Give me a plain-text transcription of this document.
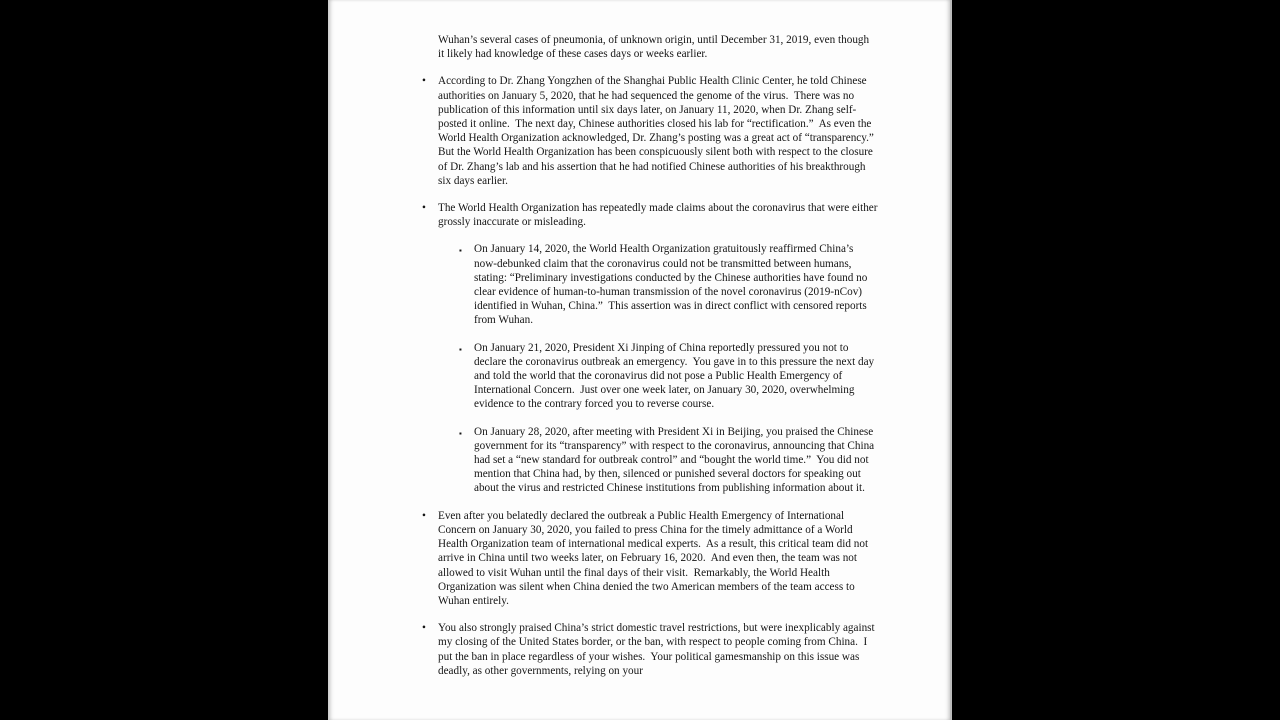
Wuhan’s several cases of pneumonia, of unknown origin, until December 31, 2019, even though it likely had knowledge of these cases days or weeks earlier.

• According to Dr. Zhang Yongzhen of the Shanghai Public Health Clinic Center, he told Chinese authorities on January 5, 2020, that he had sequenced the genome of the virus.  There was no publication of this information until six days later, on January 11, 2020, when Dr. Zhang self-posted it online.  The next day, Chinese authorities closed his lab for “rectification.”  As even the World Health Organization acknowledged, Dr. Zhang’s posting was a great act of “transparency.”  But the World Health Organization has been conspicuously silent both with respect to the closure of Dr. Zhang’s lab and his assertion that he had notified Chinese authorities of his breakthrough six days earlier.
• The World Health Organization has repeatedly made claims about the coronavirus that were either grossly inaccurate or misleading.
▪ On January 14, 2020, the World Health Organization gratuitously reaffirmed China’s now-debunked claim that the coronavirus could not be transmitted between humans, stating: “Preliminary investigations conducted by the Chinese authorities have found no clear evidence of human-to-human transmission of the novel coronavirus (2019-nCov) identified in Wuhan, China.”  This assertion was in direct conflict with censored reports from Wuhan.
▪ On January 21, 2020, President Xi Jinping of China reportedly pressured you not to declare the coronavirus outbreak an emergency.  You gave in to this pressure the next day and told the world that the coronavirus did not pose a Public Health Emergency of International Concern.  Just over one week later, on January 30, 2020, overwhelming evidence to the contrary forced you to reverse course.
▪ On January 28, 2020, after meeting with President Xi in Beijing, you praised the Chinese government for its “transparency” with respect to the coronavirus, announcing that China had set a “new standard for outbreak control” and “bought the world time.”  You did not mention that China had, by then, silenced or punished several doctors for speaking out about the virus and restricted Chinese institutions from publishing information about it.
• Even after you belatedly declared the outbreak a Public Health Emergency of International Concern on January 30, 2020, you failed to press China for the timely admittance of a World Health Organization team of international medical experts.  As a result, this critical team did not arrive in China until two weeks later, on February 16, 2020.  And even then, the team was not allowed to visit Wuhan until the final days of their visit.  Remarkably, the World Health Organization was silent when China denied the two American members of the team access to Wuhan entirely.
• You also strongly praised China’s strict domestic travel restrictions, but were inexplicably against my closing of the United States border, or the ban, with respect to people coming from China.  I put the ban in place regardless of your wishes.  Your political gamesmanship on this issue was deadly, as other governments, relying on your
